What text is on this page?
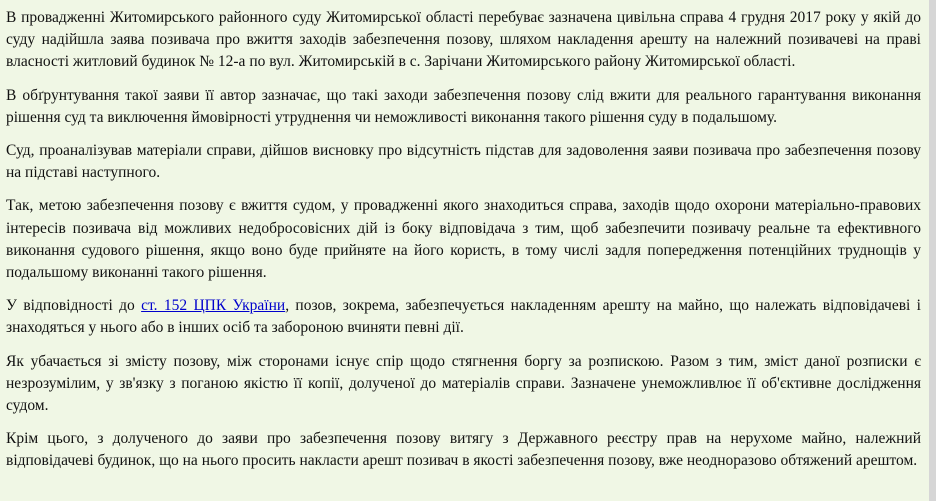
В провадженні Житомирського районного суду Житомирської області перебуває зазначена цивільна справа 4 грудня 2017 року у якій до суду надійшла заява позивача про вжиття заходів забезпечення позову, шляхом накладення арешту на належний позивачеві на праві власності житловий будинок № 12-а по вул. Житомирській в с. Зарічани Житомирського району Житомирської області.

В обґрунтування такої заяви її автор зазначає, що такі заходи забезпечення позову слід вжити для реального гарантування виконання рішення суд та виключення ймовірності утруднення чи неможливості виконання такого рішення суду в подальшому.

Суд, проаналізував матеріали справи, дійшов висновку про відсутність підстав для задоволення заяви позивача про забезпечення позову на підставі наступного.

Так, метою забезпечення позову є вжиття судом, у провадженні якого знаходиться справа, заходів щодо охорони матеріально-правових інтересів позивача від можливих недобросовісних дій із боку відповідача з тим, щоб забезпечити позивачу реальне та ефективного виконання судового рішення, якщо воно буде прийняте на його користь, в тому числі задля попередження потенційних труднощів у подальшому виконанні такого рішення.

У відповідності до ст. 152 ЦПК України, позов, зокрема, забезпечується накладенням арешту на майно, що належать відповідачеві і знаходяться у нього або в інших осіб та забороною вчиняти певні дії.

Як убачається зі змісту позову, між сторонами існує спір щодо стягнення боргу за розпискою. Разом з тим, зміст даної розписки є незрозумілим, у зв'язку з поганою якістю її копії, долученої до матеріалів справи. Зазначене унеможливлює її об'єктивне дослідження судом.

Крім цього, з долученого до заяви про забезпечення позову витягу з Державного реєстру прав на нерухоме майно, належний відповідачеві будинок, що на нього просить накласти арешт позивач в якості забезпечення позову, вже неодноразово обтяжений арештом.
